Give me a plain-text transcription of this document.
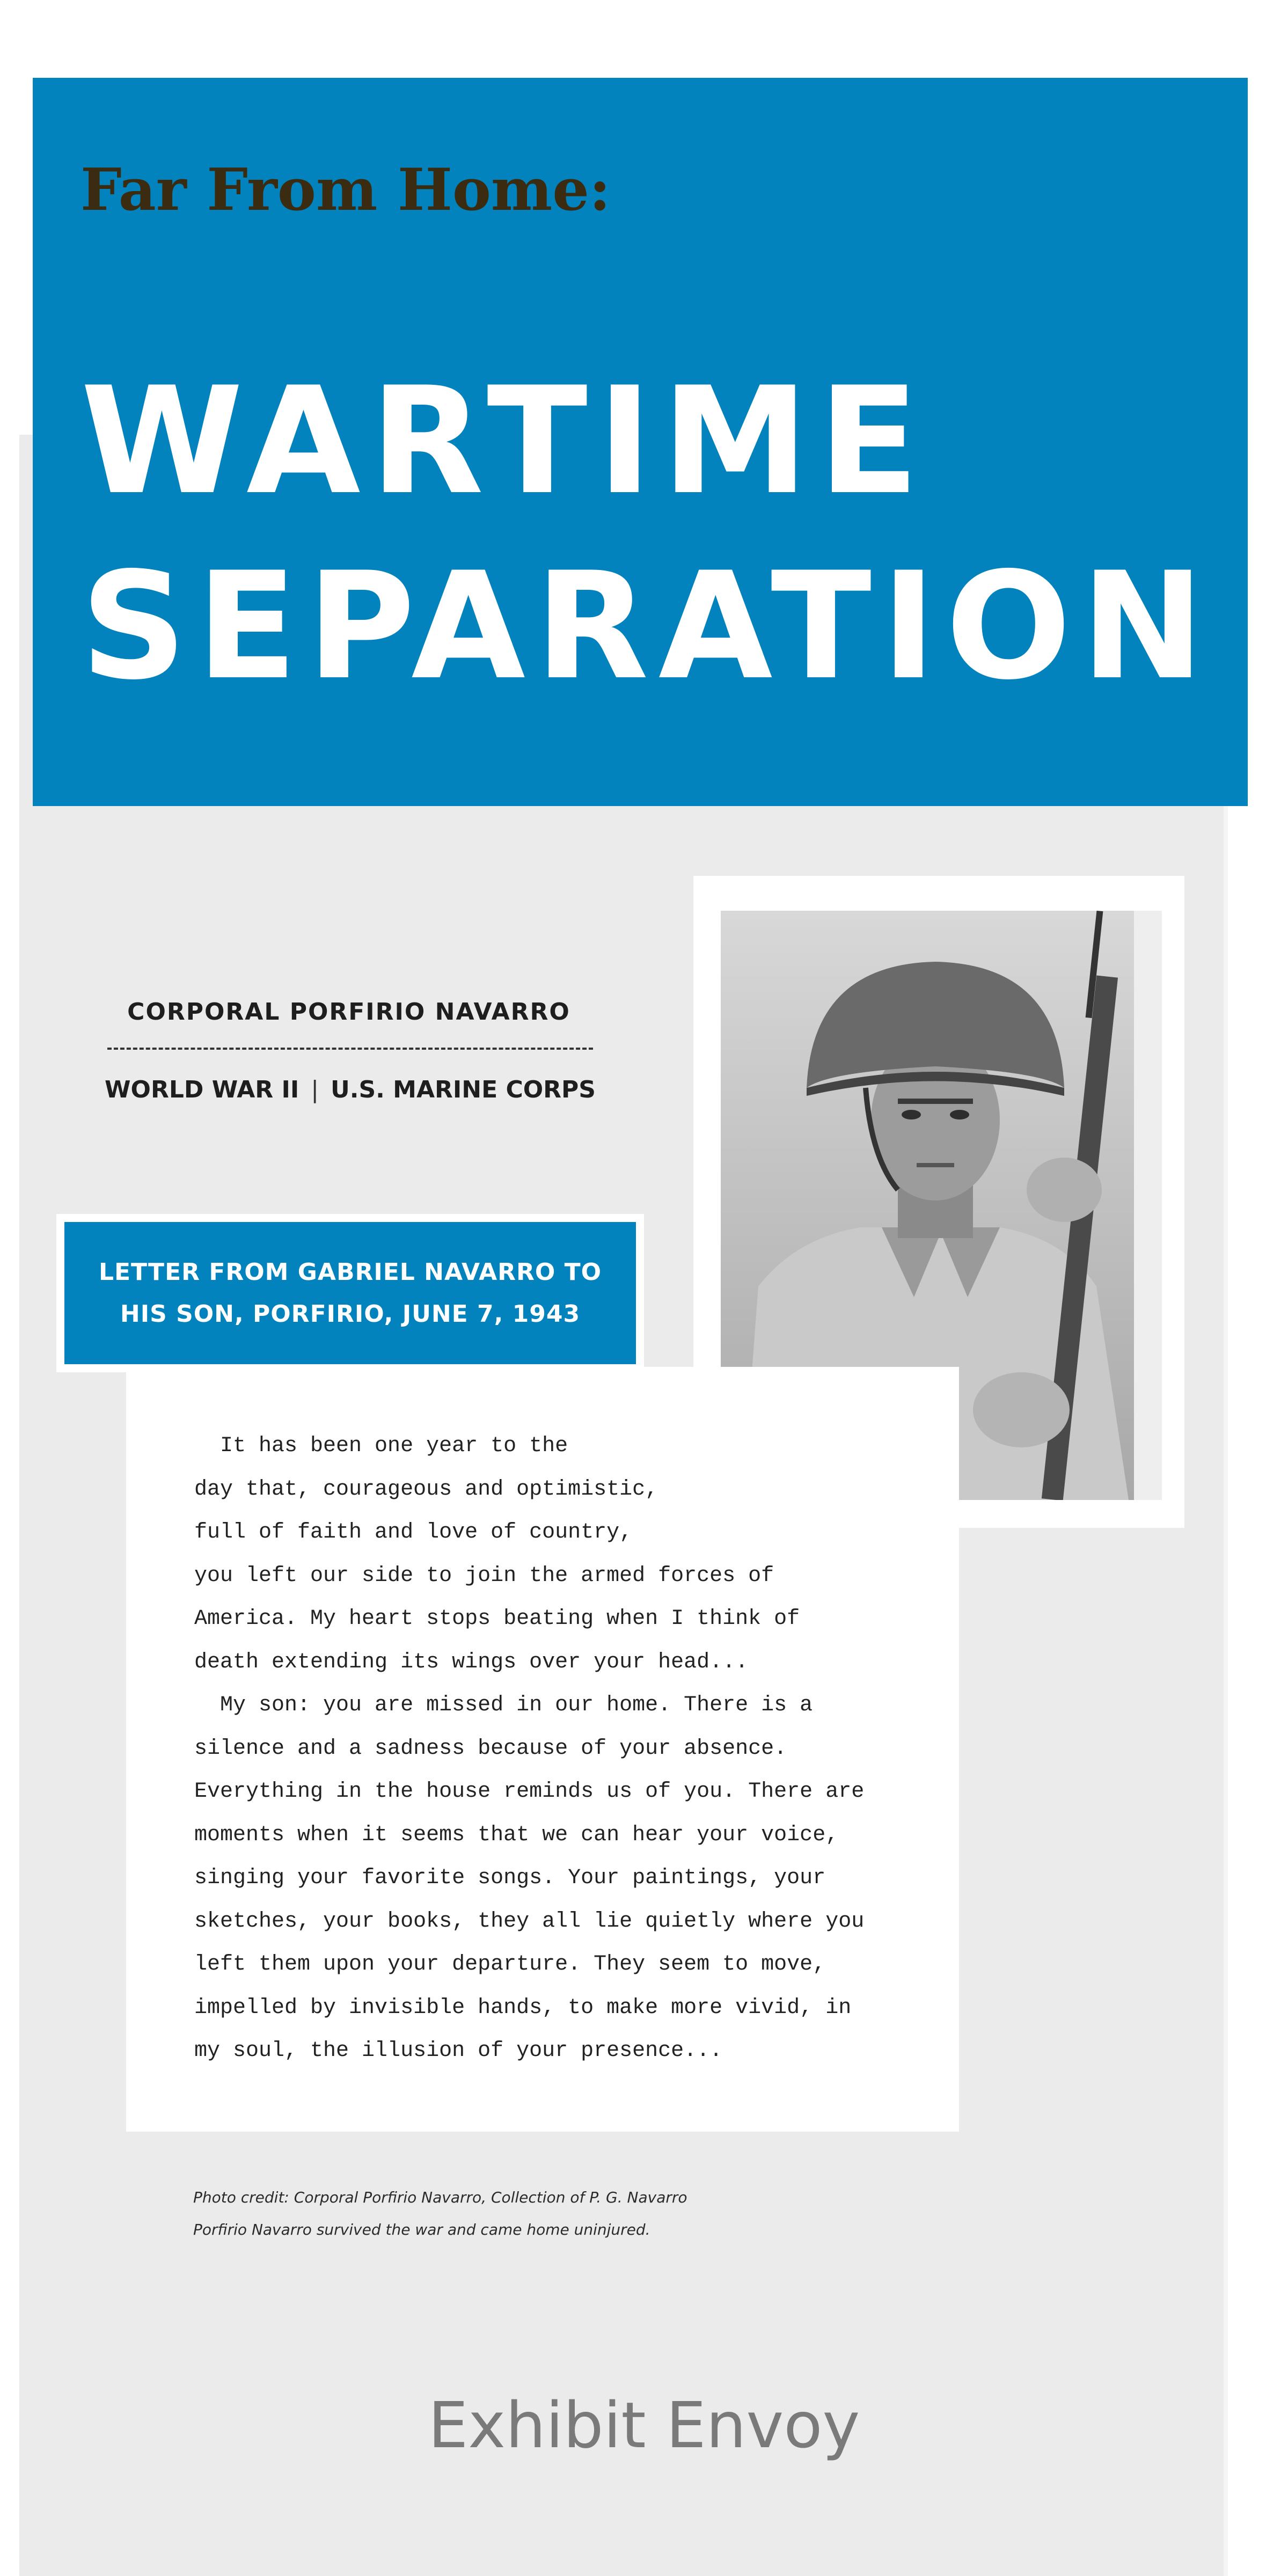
Far From Home:
WARTIME
SEPARATION
CORPORAL PORFIRIO NAVARRO
WORLD WAR II | U.S. MARINE CORPS

LETTER FROM GABRIEL NAVARRO TO
HIS SON, PORFIRIO, JUNE 7, 1943

It has been one year to the
day that, courageous and optimistic,
full of faith and love of country,
you left our side to join the armed forces of
America. My heart stops beating when I think of
death extending its wings over your head...
My son: you are missed in our home. There is a
silence and a sadness because of your absence.
Everything in the house reminds us of you. There are
moments when it seems that we can hear your voice,
singing your favorite songs. Your paintings, your
sketches, your books, they all lie quietly where you
left them upon your departure. They seem to move,
impelled by invisible hands, to make more vivid, in
my soul, the illusion of your presence...
Photo credit: Corporal Porfirio Navarro, Collection of P. G. Navarro
Porfirio Navarro survived the war and came home uninjured.
Exhibit Envoy
